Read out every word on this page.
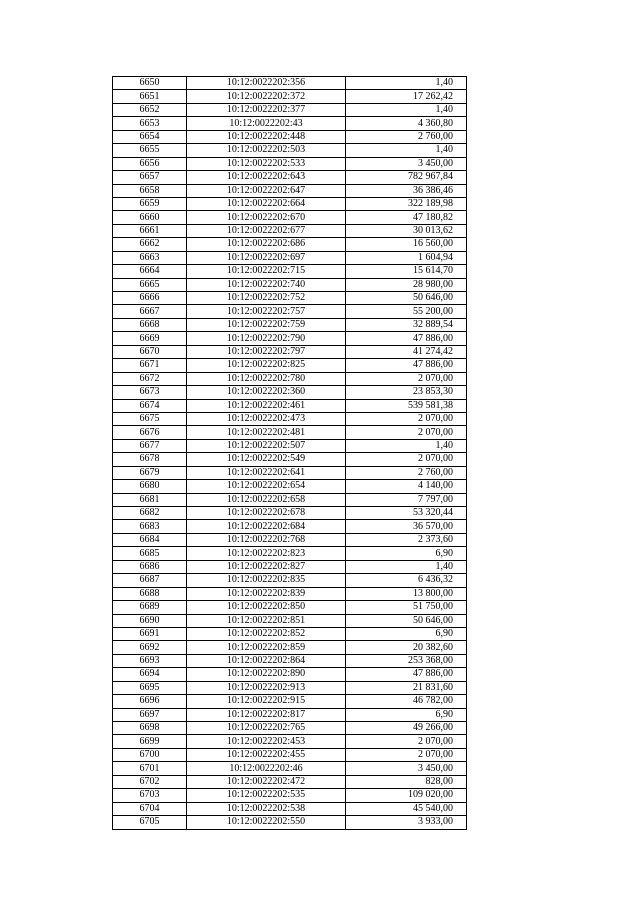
6650	10:12:0022202:356	1,40
6651	10:12:0022202:372	17 262,42
6652	10:12:0022202:377	1,40
6653	10:12:0022202:43	4 360,80
6654	10:12:0022202:448	2 760,00
6655	10:12:0022202:503	1,40
6656	10:12:0022202:533	3 450,00
6657	10:12:0022202:643	782 967,84
6658	10:12:0022202:647	36 386,46
6659	10:12:0022202:664	322 189,98
6660	10:12:0022202:670	47 180,82
6661	10:12:0022202:677	30 013,62
6662	10:12:0022202:686	16 560,00
6663	10:12:0022202:697	1 604,94
6664	10:12:0022202:715	15 614,70
6665	10:12:0022202:740	28 980,00
6666	10:12:0022202:752	50 646,00
6667	10:12:0022202:757	55 200,00
6668	10:12:0022202:759	32 889,54
6669	10:12:0022202:790	47 886,00
6670	10:12:0022202:797	41 274,42
6671	10:12:0022202:825	47 886,00
6672	10:12:0022202:780	2 070,00
6673	10:12:0022202:360	23 853,30
6674	10:12:0022202:461	539 581,38
6675	10:12:0022202:473	2 070,00
6676	10:12:0022202:481	2 070,00
6677	10:12:0022202:507	1,40
6678	10:12:0022202:549	2 070,00
6679	10:12:0022202:641	2 760,00
6680	10:12:0022202:654	4 140,00
6681	10:12:0022202:658	7 797,00
6682	10:12:0022202:678	53 320,44
6683	10:12:0022202:684	36 570,00
6684	10:12:0022202:768	2 373,60
6685	10:12:0022202:823	6,90
6686	10:12:0022202:827	1,40
6687	10:12:0022202:835	6 436,32
6688	10:12:0022202:839	13 800,00
6689	10:12:0022202:850	51 750,00
6690	10:12:0022202:851	50 646,00
6691	10:12:0022202:852	6,90
6692	10:12:0022202:859	20 382,60
6693	10:12:0022202:864	253 368,00
6694	10:12:0022202:890	47 886,00
6695	10:12:0022202:913	21 831,60
6696	10:12:0022202:915	46 782,00
6697	10:12:0022202:817	6,90
6698	10:12:0022202:765	49 266,00
6699	10:12:0022202:453	2 070,00
6700	10:12:0022202:455	2 070,00
6701	10:12:0022202:46	3 450,00
6702	10:12:0022202:472	828,00
6703	10:12:0022202:535	109 020,00
6704	10:12:0022202:538	45 540,00
6705	10:12:0022202:550	3 933,00
